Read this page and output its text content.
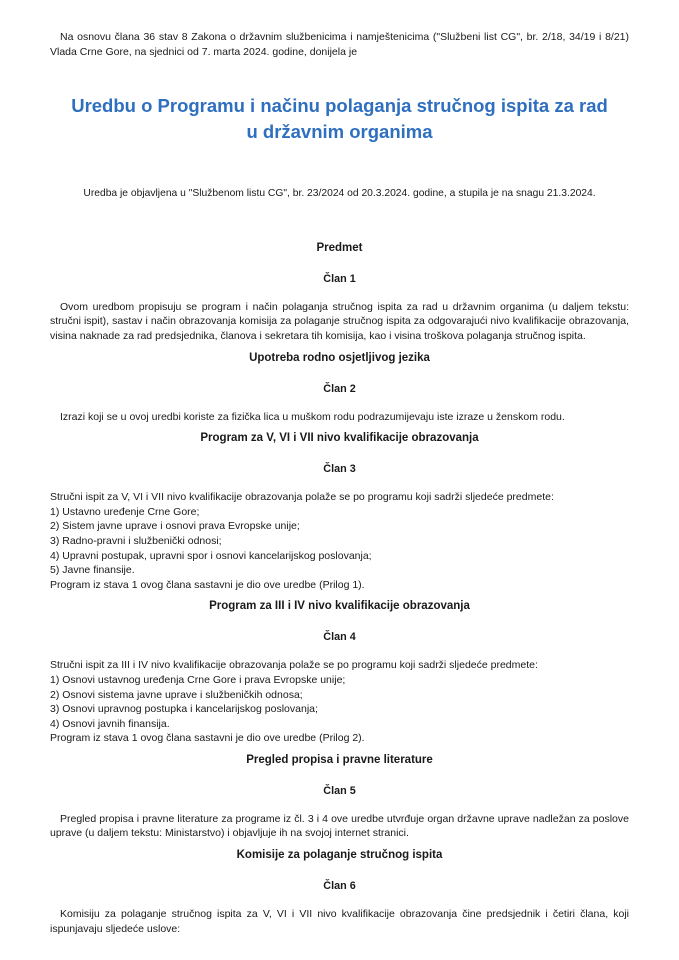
Na osnovu člana 36 stav 8 Zakona o državnim službenicima i namještenicima ("Službeni list CG", br. 2/18, 34/19 i 8/21) Vlada Crne Gore, na sjednici od 7. marta 2024. godine, donijela je

Uredbu o Programu i načinu polaganja stručnog ispita za rad u državnim organima

Uredba je objavljena u "Službenom listu CG", br. 23/2024 od 20.3.2024. godine, a stupila je na snagu 21.3.2024.

Predmet

Član 1

Ovom uredbom propisuju se program i način polaganja stručnog ispita za rad u državnim organima (u daljem tekstu: stručni ispit), sastav i način obrazovanja komisija za polaganje stručnog ispita za odgovarajući nivo kvalifikacije obrazovanja, visina naknade za rad predsjednika, članova i sekretara tih komisija, kao i visina troškova polaganja stručnog ispita.

Upotreba rodno osjetljivog jezika

Član 2

Izrazi koji se u ovoj uredbi koriste za fizička lica u muškom rodu podrazumijevaju iste izraze u ženskom rodu.

Program za V, VI i VII nivo kvalifikacije obrazovanja

Član 3

Stručni ispit za V, VI i VII nivo kvalifikacije obrazovanja polaže se po programu koji sadrži sljedeće predmete:

1) Ustavno uređenje Crne Gore;

2) Sistem javne uprave i osnovi prava Evropske unije;

3) Radno-pravni i službenički odnosi;

4) Upravni postupak, upravni spor i osnovi kancelarijskog poslovanja;

5) Javne finansije.

Program iz stava 1 ovog člana sastavni je dio ove uredbe (Prilog 1).

Program za III i IV nivo kvalifikacije obrazovanja

Član 4

Stručni ispit za III i IV nivo kvalifikacije obrazovanja polaže se po programu koji sadrži sljedeće predmete:

1) Osnovi ustavnog uređenja Crne Gore i prava Evropske unije;

2) Osnovi sistema javne uprave i službeničkih odnosa;

3) Osnovi upravnog postupka i kancelarijskog poslovanja;

4) Osnovi javnih finansija.

Program iz stava 1 ovog člana sastavni je dio ove uredbe (Prilog 2).

Pregled propisa i pravne literature

Član 5

Pregled propisa i pravne literature za programe iz čl. 3 i 4 ove uredbe utvrđuje organ državne uprave nadležan za poslove uprave (u daljem tekstu: Ministarstvo) i objavljuje ih na svojoj internet stranici.

Komisije za polaganje stručnog ispita

Član 6

Komisiju za polaganje stručnog ispita za V, VI i VII nivo kvalifikacije obrazovanja čine predsjednik i četiri člana, koji ispunjavaju sljedeće uslove:
